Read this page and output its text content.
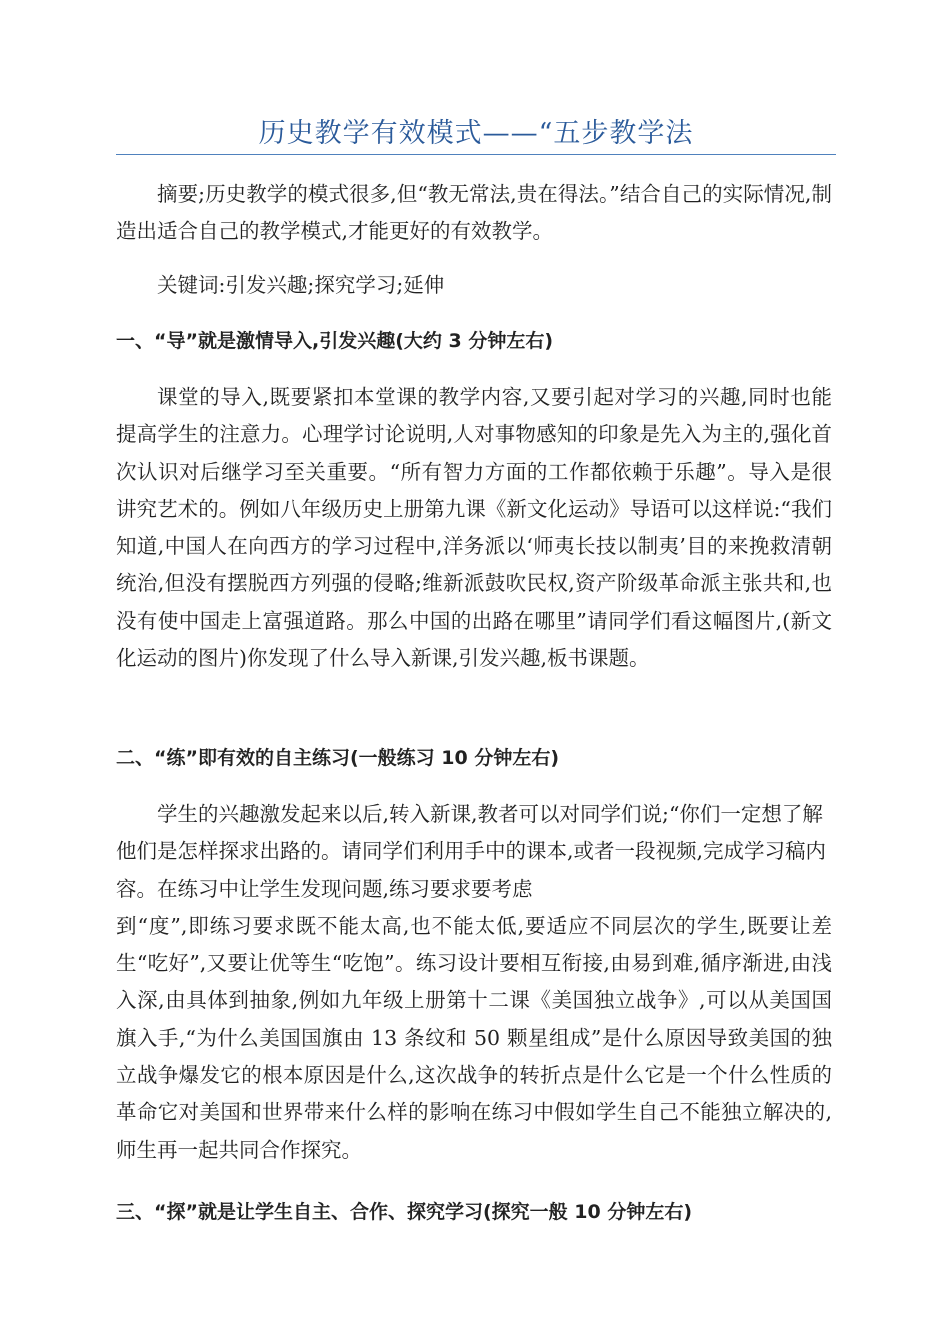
历史教学有效模式——“五步教学法

摘要;历史教学的模式很多,但“教无常法,贵在得法。”结合自己的实际情况,制造出适合自己的教学模式,才能更好的有效教学。

关键词:引发兴趣;探究学习;延伸

一、“导”就是激情导入,引发兴趣(大约 3 分钟左右)

课堂的导入,既要紧扣本堂课的教学内容,又要引起对学习的兴趣,同时也能提高学生的注意力。心理学讨论说明,人对事物感知的印象是先入为主的,强化首次认识对后继学习至关重要。“所有智力方面的工作都依赖于乐趣”。导入是很讲究艺术的。例如八年级历史上册第九课《新文化运动》导语可以这样说:“我们知道,中国人在向西方的学习过程中,洋务派以‘师夷长技以制夷’目的来挽救清朝统治,但没有摆脱西方列强的侵略;维新派鼓吹民权,资产阶级革命派主张共和,也没有使中国走上富强道路。那么中国的出路在哪里”请同学们看这幅图片,(新文化运动的图片)你发现了什么导入新课,引发兴趣,板书课题。

二、“练”即有效的自主练习(一般练习 10 分钟左右)

学生的兴趣激发起来以后,转入新课,教者可以对同学们说;“你们一定想了解他们是怎样探求出路的。请同学们利用手中的课本,或者一段视频,完成学习稿内容。在练习中让学生发现问题,练习要求要考虑
到“度”,即练习要求既不能太高,也不能太低,要适应不同层次的学生,既要让差生“吃好”,又要让优等生“吃饱”。练习设计要相互衔接,由易到难,循序渐进,由浅入深,由具体到抽象,例如九年级上册第十二课《美国独立战争》,可以从美国国旗入手,“为什么美国国旗由 13 条纹和 50 颗星组成”是什么原因导致美国的独立战争爆发它的根本原因是什么,这次战争的转折点是什么它是一个什么性质的革命它对美国和世界带来什么样的影响在练习中假如学生自己不能独立解决的,师生再一起共同合作探究。

三、“探”就是让学生自主、合作、探究学习(探究一般 10 分钟左右)
